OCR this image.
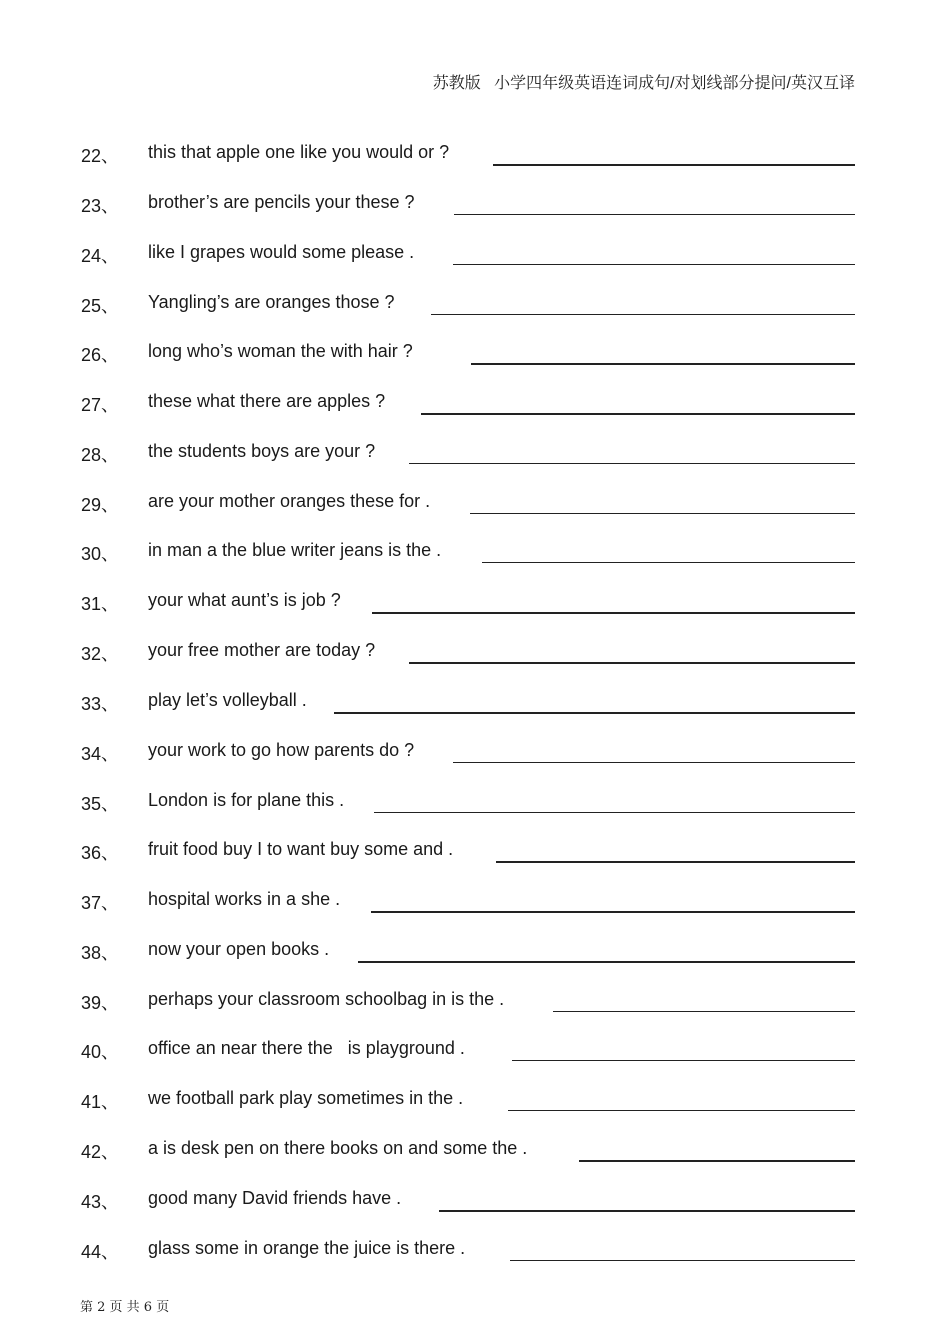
苏教版   小学四年级英语连词成句/对划线部分提问/英汉互译
22、 this that apple one like you would or ?
23、 brother’s are pencils your these ?
24、 like I grapes would some please .
25、 Yangling’s are oranges those ?
26、 long who’s woman the with hair ?
27、 these what there are apples ?
28、 the students boys are your ?
29、 are your mother oranges these for .
30、 in man a the blue writer jeans is the .
31、 your what aunt’s is job ?
32、 your free mother are today ?
33、 play let’s volleyball .
34、 your work to go how parents do ?
35、 London is for plane this .
36、 fruit food buy I to want buy some and .
37、 hospital works in a she .
38、 now your open books .
39、 perhaps your classroom schoolbag in is the .
40、 office an near there the   is playground .
41、 we football park play sometimes in the .
42、 a is desk pen on there books on and some the .
43、 good many David friends have .
44、 glass some in orange the juice is there .
第 2 页 共 6 页
